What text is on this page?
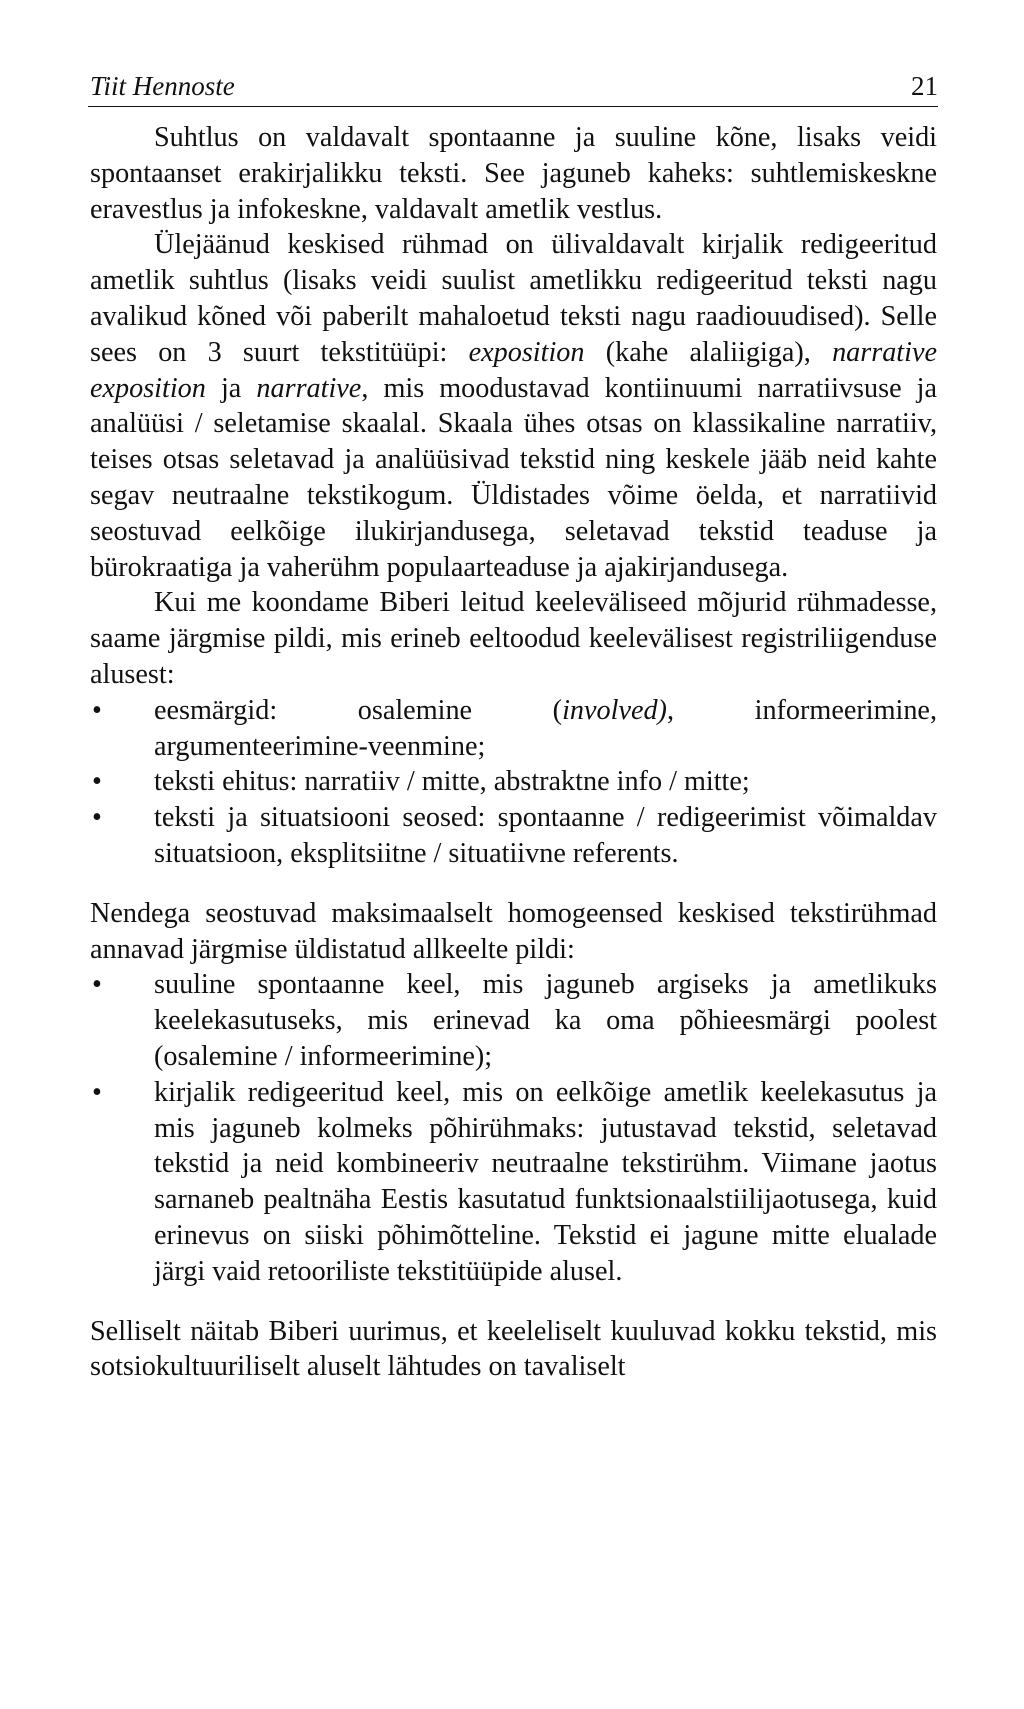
Tiit Hennoste	21

Suhtlus on valdavalt spontaanne ja suuline kõne, lisaks veidi spontaanset erakirjalikku teksti. See jaguneb kaheks: suhtlemiskeskne eravestlus ja infokeskne, valdavalt ametlik vestlus.

Ülejäänud keskised rühmad on ülivaldavalt kirjalik redigeeritud ametlik suhtlus (lisaks veidi suulist ametlikku redigeeritud teksti nagu avalikud kõned või paberilt mahaloetud teksti nagu raadiouudised). Selle sees on 3 suurt tekstitüüpi: exposition (kahe alaliigiga), narrative exposition ja narrative, mis moodustavad kontiinuumi narratiivsuse ja analüüsi / seletamise skaalal. Skaala ühes otsas on klassikaline narratiiv, teises otsas seletavad ja analüüsivad tekstid ning keskele jääb neid kahte segav neutraalne tekstikogum. Üldistades võime öelda, et narratiivid seostuvad eelkõige ilukirjandusega, seletavad tekstid teaduse ja bürokraatiga ja vaherühm populaarteaduse ja ajakirjandusega.

Kui me koondame Biberi leitud keeleväliseed mõjurid rühmadesse, saame järgmise pildi, mis erineb eeltoodud keelevälisest registriliigenduse alusest:

• eesmärgid: osalemine (involved), informeerimine, argumenteerimine-veenmine;
• teksti ehitus: narratiiv / mitte, abstraktne info / mitte;
• teksti ja situatsiooni seosed: spontaanne / redigeerimist võimaldav situatsioon, eksplitsiitne / situatiivne referents.

Nendega seostuvad maksimaalselt homogeensed keskised tekstirühmad annavad järgmise üldistatud allkeelte pildi:

• suuline spontaanne keel, mis jaguneb argiseks ja ametlikuks keelekasutuseks, mis erinevad ka oma põhieesmärgi poolest (osalemine / informeerimine);
• kirjalik redigeeritud keel, mis on eelkõige ametlik keelekasutus ja mis jaguneb kolmeks põhirühmaks: jutustavad tekstid, seletavad tekstid ja neid kombineeriv neutraalne tekstirühm. Viimane jaotus sarnaneb pealtnäha Eestis kasutatud funktsionaalstiilijaotusega, kuid erinevus on siiski põhimõtteline. Tekstid ei jagune mitte elualade järgi vaid retooriliste tekstitüüpide alusel.

Selliselt näitab Biberi uurimus, et keeleliselt kuuluvad kokku tekstid, mis sotsiokultuuriliselt aluselt lähtudes on tavaliselt
